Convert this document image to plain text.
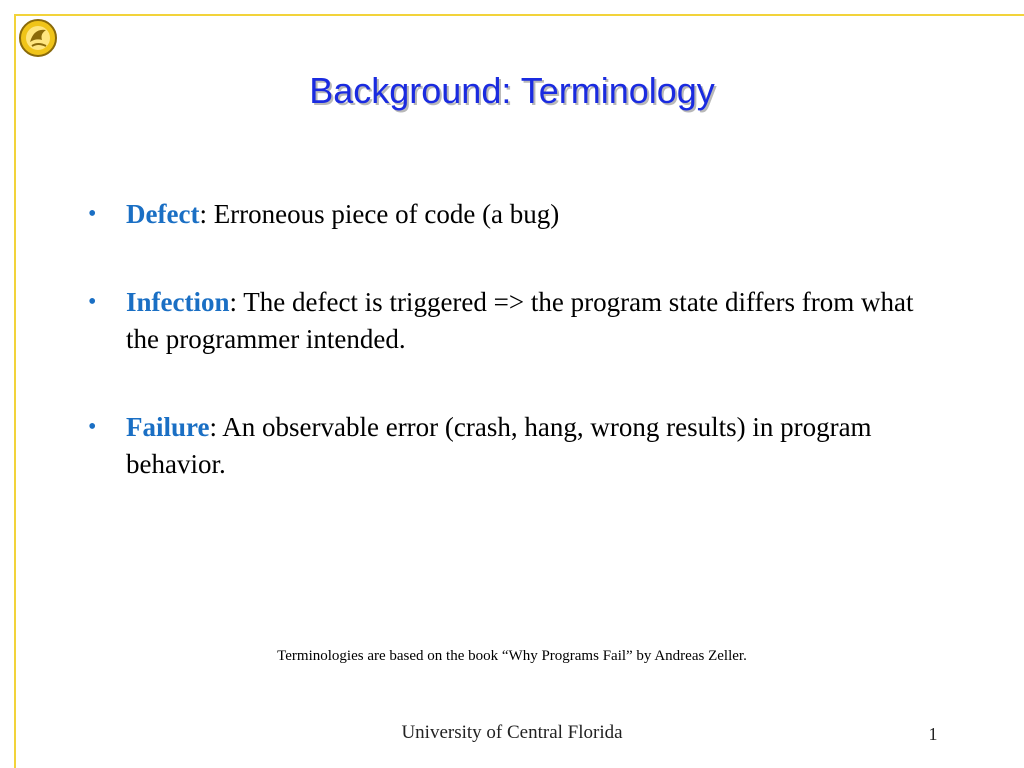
Background: Terminology
• Defect: Erroneous piece of code (a bug)
• Infection: The defect is triggered => the program state differs from what the programmer intended.
• Failure: An observable error (crash, hang, wrong results) in program behavior.
Terminologies are based on the book “Why Programs Fail” by Andreas Zeller.
University of Central Florida	1
